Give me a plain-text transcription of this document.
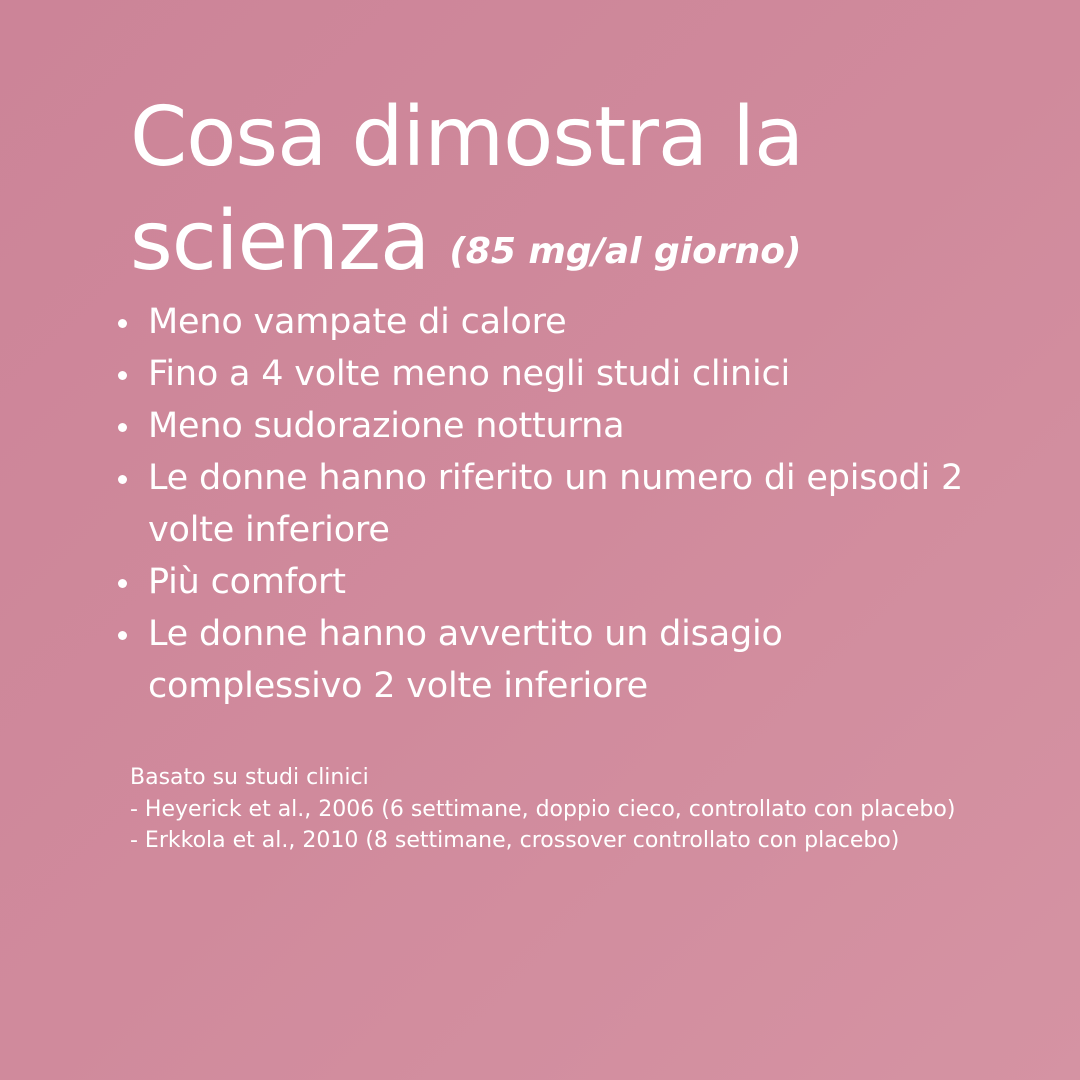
Cosa dimostra la
scienza (85 mg/al giorno)
Meno vampate di calore
Fino a 4 volte meno negli studi clinici
Meno sudorazione notturna
Le donne hanno riferito un numero di episodi 2 volte inferiore
Più comfort
Le donne hanno avvertito un disagio complessivo 2 volte inferiore
Basato su studi clinici
- Heyerick et al., 2006 (6 settimane, doppio cieco, controllato con placebo)
- Erkkola et al., 2010 (8 settimane, crossover controllato con placebo)
